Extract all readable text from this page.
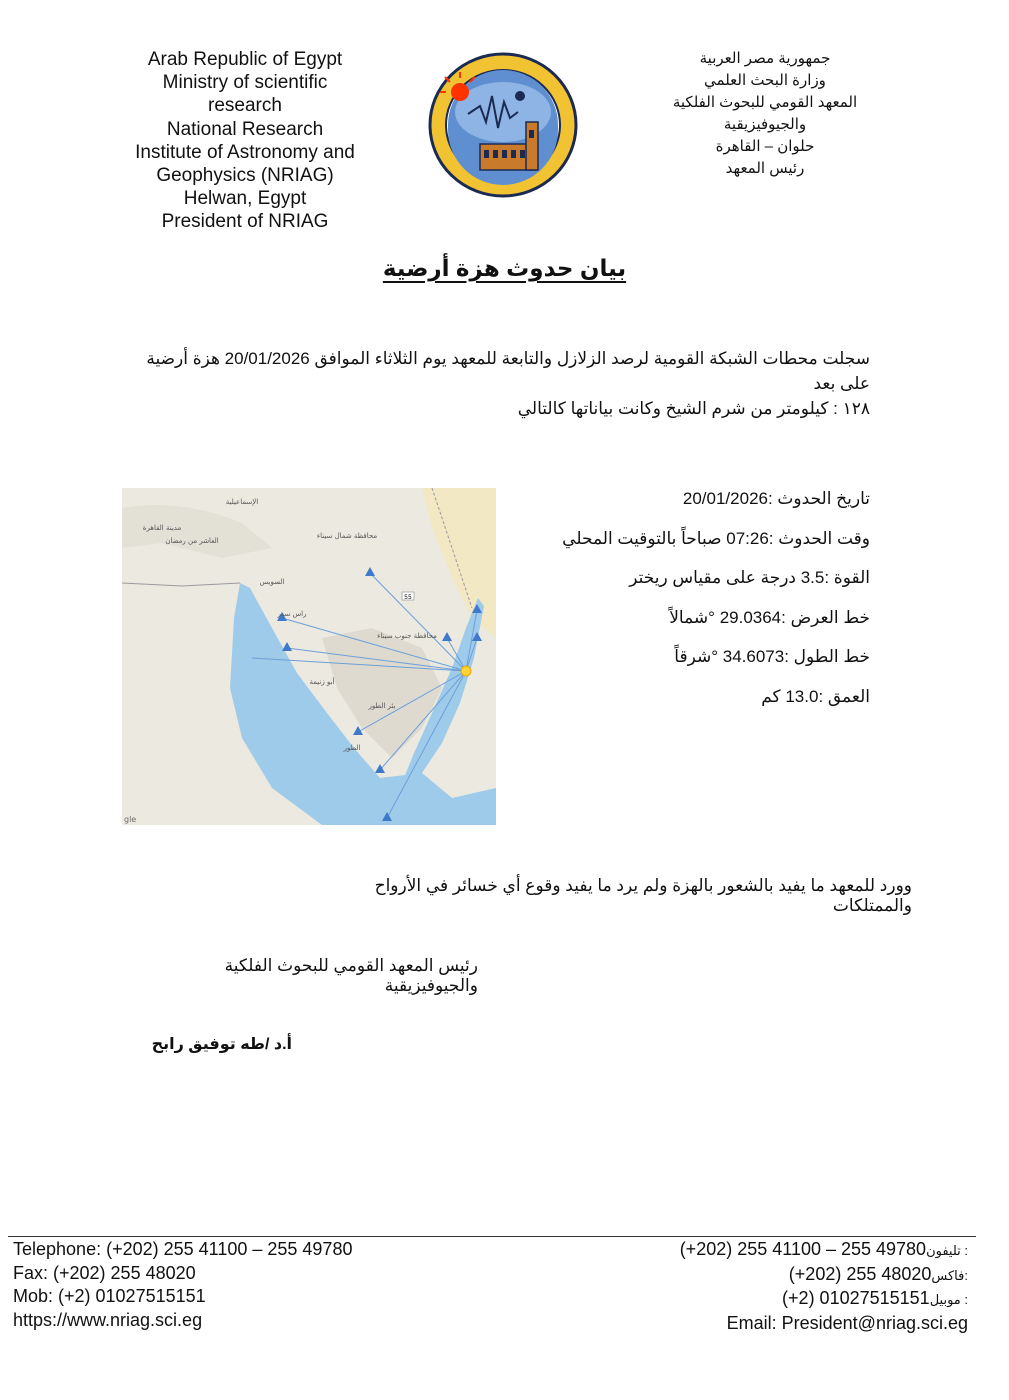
Arab Republic of Egypt
Ministry of scientific
research
National Research
Institute of Astronomy and
Geophysics (NRIAG)
Helwan, Egypt
President of NRIAG
جمهورية مصر العربية
وزارة البحث العلمي
المعهد القومي للبحوث الفلكية
والجيوفيزيقية
حلوان – القاهرة
رئيس المعهد
بيان حدوث هزة أرضية
سجلت محطات الشبكة القومية لرصد الزلازل والتابعة للمعهد يوم الثلاثاء الموافق 20/01/2026 هزة أرضية على بعد
١٢٨ : كيلومتر من شرم الشيخ وكانت بياناتها كالتالي
55
الإسماعيلية
مدينة القاهرة
العاشر من رمضان
محافظة شمال سيناء
السويس
راس سدر
محافظة جنوب سيناء
أبو زنيمة
بئر الطور
الطور
gle
تاريخ الحدوث :20/01/2026
وقت الحدوث :07:26 صباحاً بالتوقيت المحلي
القوة :3.5 درجة على مقياس ريختر
خط العرض :29.0364 °شمالاً
خط الطول :34.6073 °شرقاً
العمق :13.0 كم
وورد للمعهد ما يفيد بالشعور بالهزة ولم يرد ما يفيد وقوع أي خسائر في الأرواح والممتلكات
رئيس المعهد القومي للبحوث الفلكية والجيوفيزيقية
أ.د /طه توفيق رابح
Telephone: (+202) 255 41100 – 255 49780
Fax: (+202) 255 48020
Mob: (+2) 01027515151
https://www.nriag.sci.eg
(+202) 255 41100 – 255 49780تليفون :
(+202) 255 48020فاكس:
(+2) 01027515151موبيل :
Email: President@nriag.sci.eg
